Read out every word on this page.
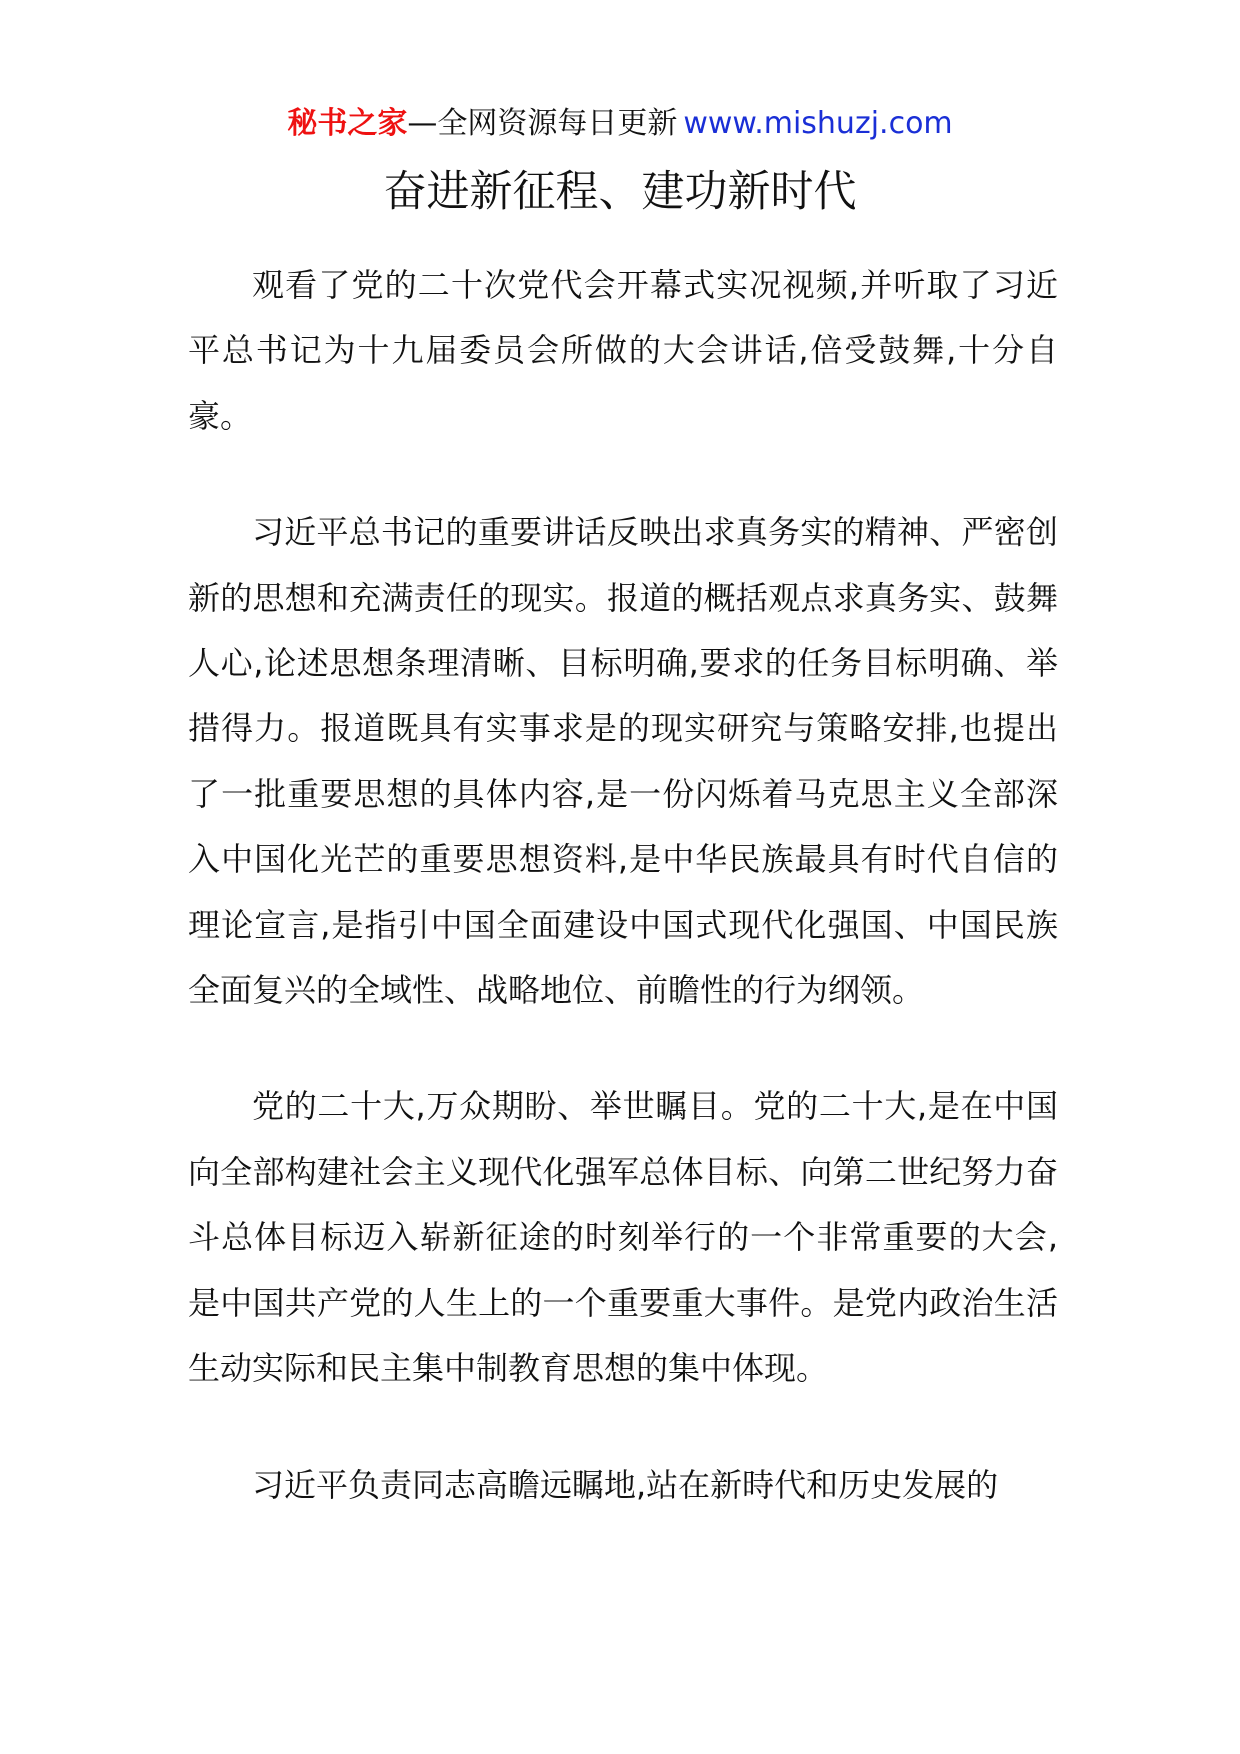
秘书之家—全网资源每日更新 www.mishuzj.com
奋进新征程、建功新时代

观看了党的二十次党代会开幕式实况视频,并听取了习近平总书记为十九届委员会所做的大会讲话,倍受鼓舞,十分自豪。

习近平总书记的重要讲话反映出求真务实的精神、严密创新的思想和充满责任的现实。报道的概括观点求真务实、鼓舞人心,论述思想条理清晰、目标明确,要求的任务目标明确、举措得力。报道既具有实事求是的现实研究与策略安排,也提出了一批重要思想的具体内容,是一份闪烁着马克思主义全部深入中国化光芒的重要思想资料,是中华民族最具有时代自信的理论宣言,是指引中国全面建设中国式现代化强国、中国民族全面复兴的全域性、战略地位、前瞻性的行为纲领。

党的二十大,万众期盼、举世瞩目。党的二十大,是在中国向全部构建社会主义现代化强军总体目标、向第二世纪努力奋斗总体目标迈入崭新征途的时刻举行的一个非常重要的大会,是中国共产党的人生上的一个重要重大事件。是党内政治生活生动实际和民主集中制教育思想的集中体现。

习近平负责同志高瞻远瞩地,站在新時代和历史发展的
